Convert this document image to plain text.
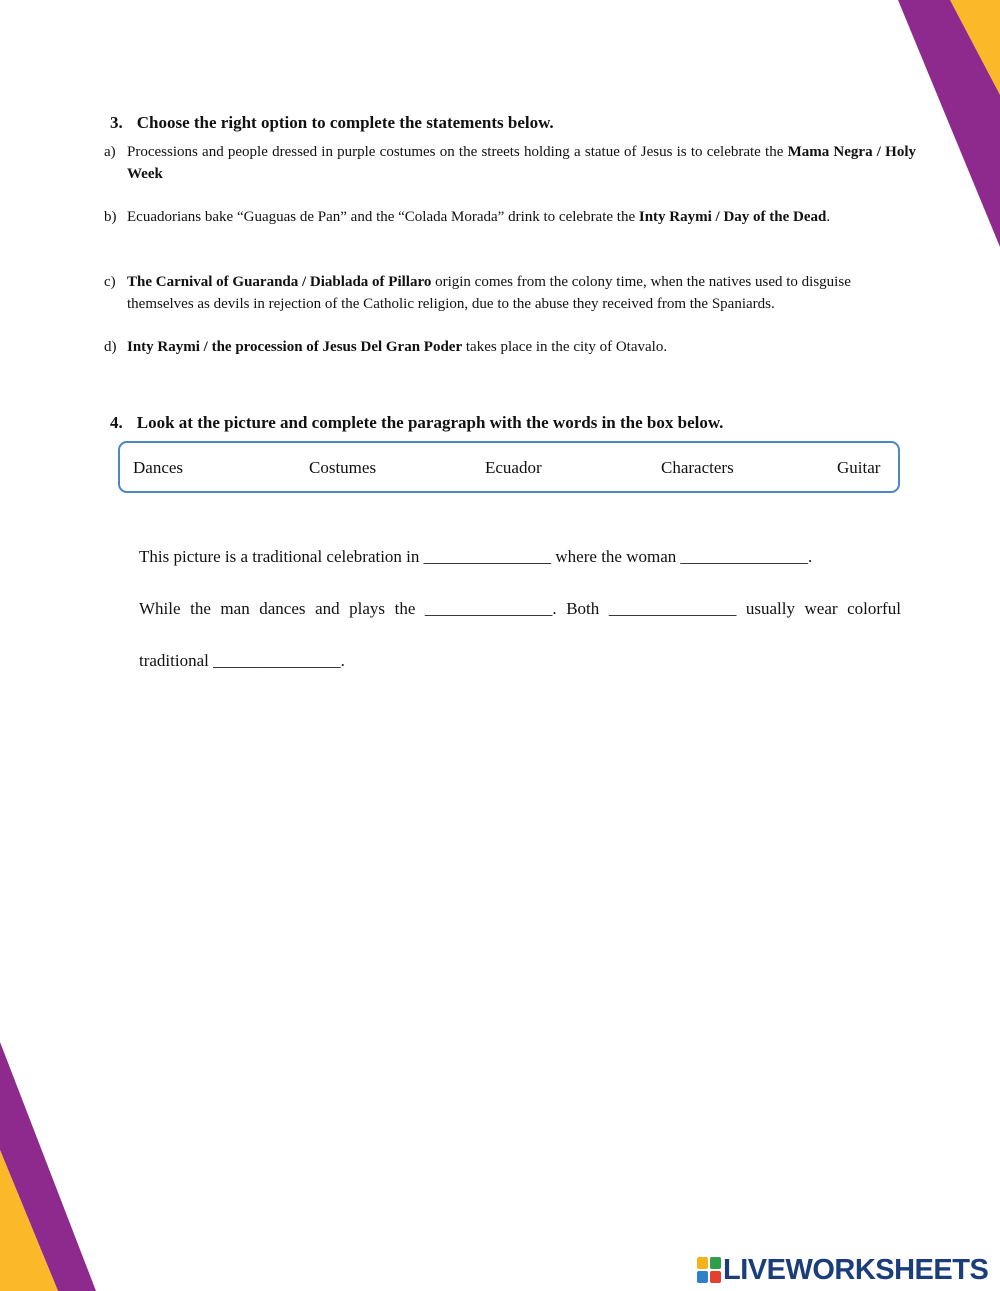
3. Choose the right option to complete the statements below.
a) Processions and people dressed in purple costumes on the streets holding a statue of Jesus is to celebrate the Mama Negra / Holy Week
b) Ecuadorians bake “Guaguas de Pan” and the “Colada Morada” drink to celebrate the Inty Raymi / Day of the Dead.
c) The Carnival of Guaranda / Diablada of Pillaro origin comes from the colony time, when the natives used to disguise themselves as devils in rejection of the Catholic religion, due to the abuse they received from the Spaniards.
d) Inty Raymi / the procession of Jesus Del Gran Poder takes place in the city of Otavalo.
4. Look at the picture and complete the paragraph with the words in the box below.
Dances	Costumes	Ecuador	Characters	Guitar
This picture is a traditional celebration in _______________ where the woman _______________.
While the man dances and plays the _______________. Both _______________ usually wear colorful
traditional _______________.
LIVEWORKSHEETS
